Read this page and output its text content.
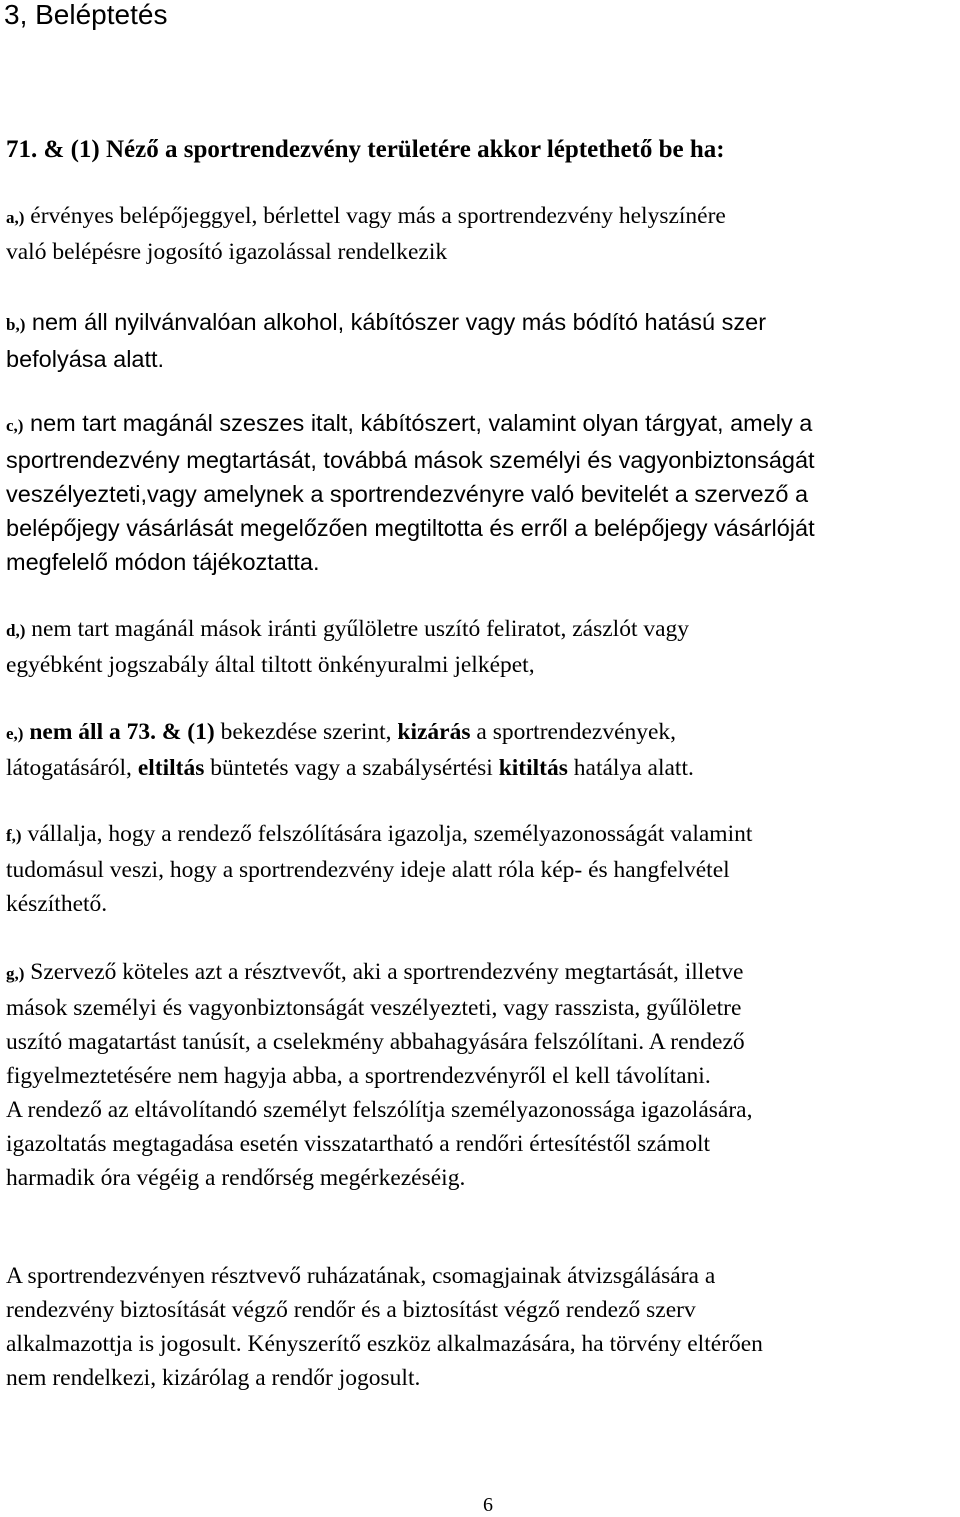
3, Beléptetés
71. & (1) Néző a sportrendezvény területére akkor léptethető be ha:

a,) érvényes belépőjeggyel, bérlettel vagy más a sportrendezvény helyszínére
való belépésre jogosító igazolással rendelkezik

b,) nem áll nyilvánvalóan alkohol, kábítószer vagy más bódító hatású szer
befolyása alatt.

c,) nem tart magánál szeszes italt, kábítószert, valamint olyan tárgyat, amely a
sportrendezvény megtartását, továbbá mások személyi és vagyonbiztonságát
veszélyezteti,vagy amelynek a sportrendezvényre való bevitelét a szervező a
belépőjegy vásárlását megelőzően megtiltotta és erről a belépőjegy vásárlóját
megfelelő módon tájékoztatta.

d,) nem tart magánál mások iránti gyűlöletre uszító feliratot, zászlót vagy
egyébként jogszabály által tiltott önkényuralmi jelképet,

e,) nem áll a 73. & (1) bekezdése szerint, kizárás a sportrendezvények,
látogatásáról, eltiltás büntetés vagy a szabálysértési kitiltás hatálya alatt.

f,) vállalja, hogy a rendező felszólítására igazolja, személyazonosságát valamint
tudomásul veszi, hogy a sportrendezvény ideje alatt róla kép- és hangfelvétel
készíthető.

g,) Szervező köteles azt a résztvevőt, aki a sportrendezvény megtartását, illetve
mások személyi és vagyonbiztonságát veszélyezteti, vagy rasszista, gyűlöletre
uszító magatartást tanúsít, a cselekmény abbahagyására felszólítani. A rendező
figyelmeztetésére nem hagyja abba, a sportrendezvényről el kell távolítani.
A rendező az eltávolítandó személyt felszólítja személyazonossága igazolására,
igazoltatás megtagadása esetén visszatartható a rendőri értesítéstől számolt
harmadik óra végéig a rendőrség megérkezéséig.

A sportrendezvényen résztvevő ruházatának, csomagjainak átvizsgálására a
rendezvény biztosítását végző rendőr és a biztosítást végző rendező szerv
alkalmazottja is jogosult. Kényszerítő eszköz alkalmazására, ha törvény eltérően
nem rendelkezi, kizárólag a rendőr jogosult.

6
